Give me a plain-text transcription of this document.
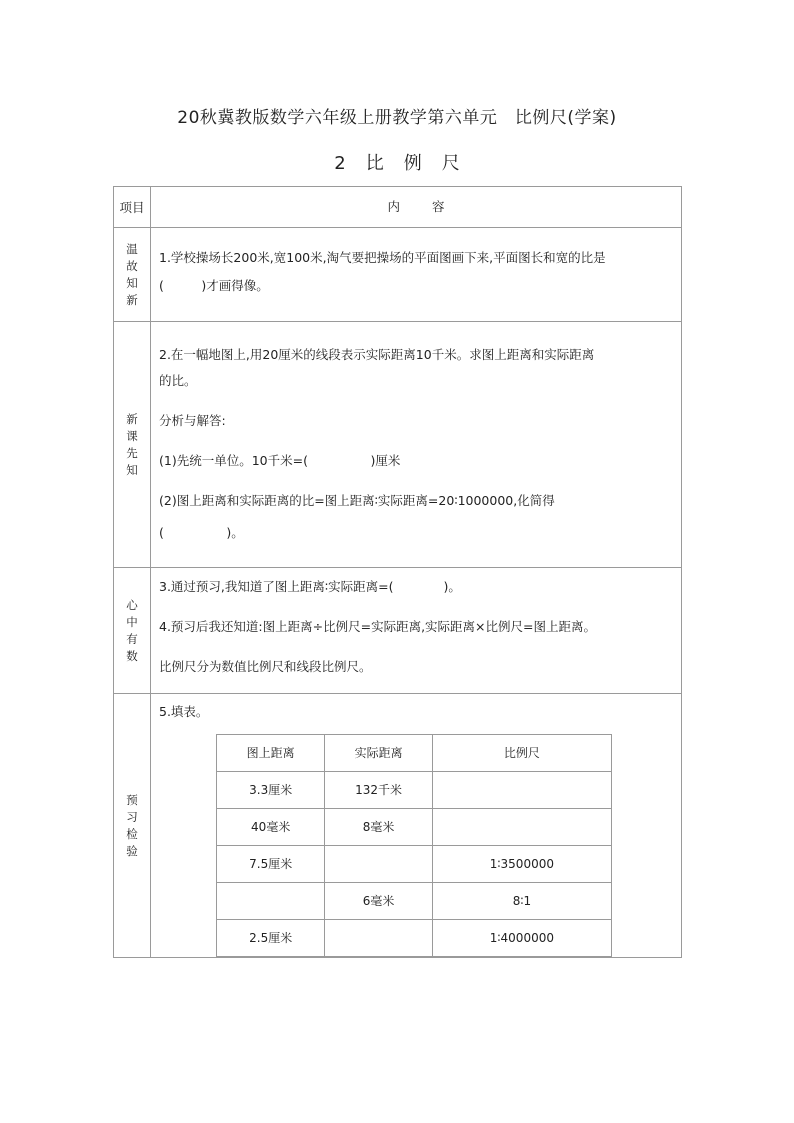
20秋冀教版数学六年级上册教学第六单元　比例尺(学案)
2 比 例 尺
项目	内	容

温
故
知
新

1.学校操场长200米,宽100米,淘气要把操场的平面图画下来,平面图长和宽的比是

(　　　)才画得像。

新
课
先
知

2.在一幅地图上,用20厘米的线段表示实际距离10千米。求图上距离和实际距离

的比。

分析与解答:

(1)先统一单位。10千米=(　　　　　)厘米

(2)图上距离和实际距离的比=图上距离∶实际距离=20∶1000000,化简得

(　　　　　)。

心
中
有
数

3.通过预习,我知道了图上距离∶实际距离=(　　　　)。

4.预习后我还知道:图上距离÷比例尺=实际距离,实际距离×比例尺=图上距离。

比例尺分为数值比例尺和线段比例尺。

预
习
检
验

5.填表。

图上距离	实际距离	比例尺
3.3厘米	132千米	
40毫米	8毫米	
7.5厘米		1∶3500000
	6毫米	8∶1
2.5厘米		1∶4000000
